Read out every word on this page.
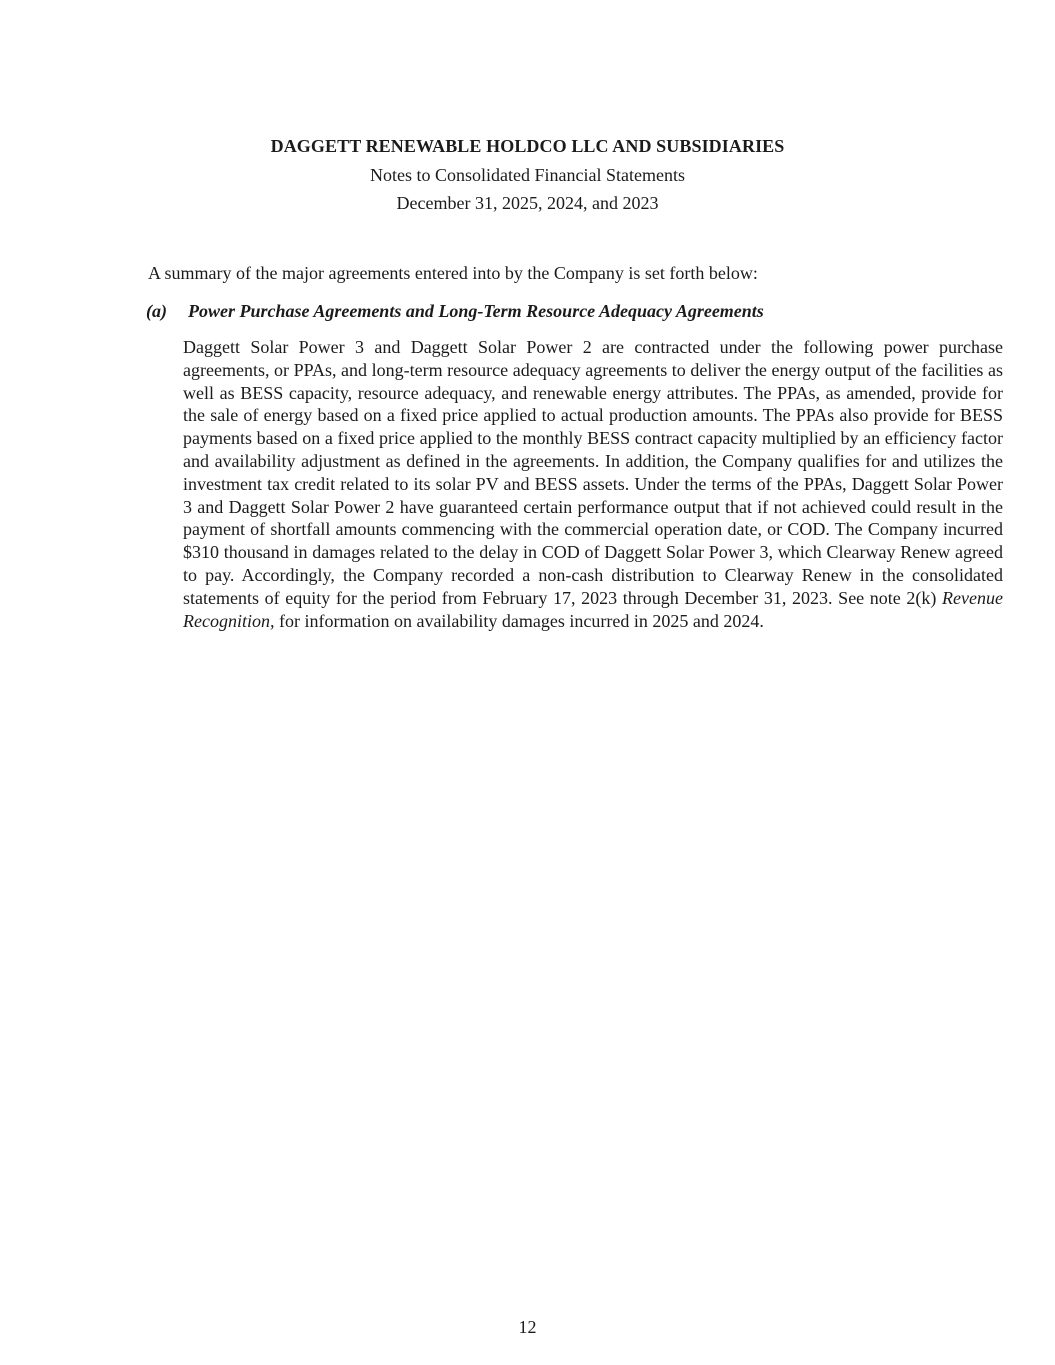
DAGGETT RENEWABLE HOLDCO LLC AND SUBSIDIARIES
Notes to Consolidated Financial Statements
December 31, 2025, 2024, and 2023

A summary of the major agreements entered into by the Company is set forth below:

(a)	Power Purchase Agreements and Long-Term Resource Adequacy Agreements

Daggett Solar Power 3 and Daggett Solar Power 2 are contracted under the following power purchase agreements, or PPAs, and long-term resource adequacy agreements to deliver the energy output of the facilities as well as BESS capacity, resource adequacy, and renewable energy attributes. The PPAs, as amended, provide for the sale of energy based on a fixed price applied to actual production amounts. The PPAs also provide for BESS payments based on a fixed price applied to the monthly BESS contract capacity multiplied by an efficiency factor and availability adjustment as defined in the agreements. In addition, the Company qualifies for and utilizes the investment tax credit related to its solar PV and BESS assets. Under the terms of the PPAs, Daggett Solar Power 3 and Daggett Solar Power 2 have guaranteed certain performance output that if not achieved could result in the payment of shortfall amounts commencing with the commercial operation date, or COD. The Company incurred $310 thousand in damages related to the delay in COD of Daggett Solar Power 3, which Clearway Renew agreed to pay. Accordingly, the Company recorded a non-cash distribution to Clearway Renew in the consolidated statements of equity for the period from February 17, 2023 through December 31, 2023. See note 2(k) Revenue Recognition, for information on availability damages incurred in 2025 and 2024.

12
